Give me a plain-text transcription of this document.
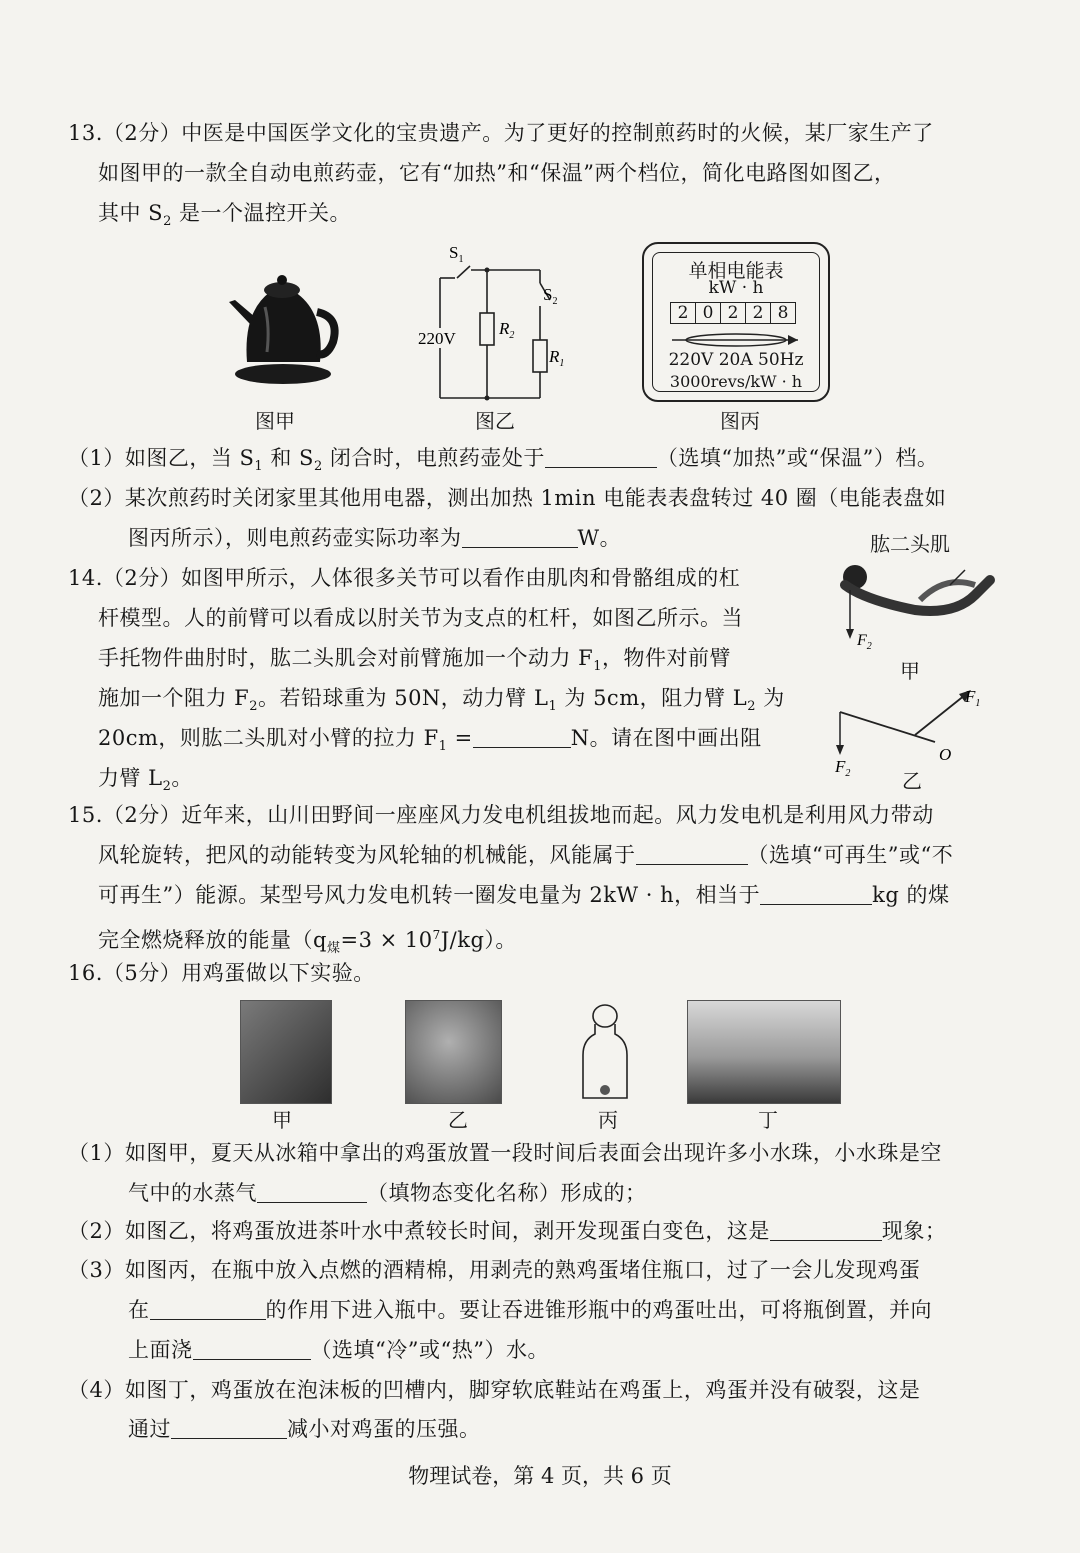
13.（2分）中医是中国医学文化的宝贵遗产。为了更好的控制煎药时的火候，某厂家生产了
如图甲的一款全自动电煎药壶，它有“加热”和“保温”两个档位，简化电路图如图乙，
其中 $S_2$ 是一个温控开关。
图甲
$S_1$
$S_2$
$R_2$
$R_1$
220V
图乙
单相电能表
kW · h
2 0 2 2 8
220V 20A 50Hz
3000revs/kW · h
图丙
（1）如图乙，当 $S_1$ 和 $S_2$ 闭合时，电煎药壶处于	（选填“加热”或“保温”）档。
（2）某次煎药时关闭家里其他用电器，测出加热 1min 电能表表盘转过 40 圈（电能表盘如
图丙所示），则电煎药壶实际功率为	W。
14.（2分）如图甲所示，人体很多关节可以看作由肌肉和骨骼组成的杠
杆模型。人的前臂可以看成以肘关节为支点的杠杆，如图乙所示。当
手托物件曲肘时，肱二头肌会对前臂施加一个动力 $F_1$，物件对前臂
施加一个阻力 $F_2$。若铅球重为 50N，动力臂 $L_1$ 为 5cm，阻力臂 $L_2$ 为
20cm，则肱二头肌对小臂的拉力 $F_1$ =	N。请在图中画出阻
力臂 $L_2$。
肱二头肌
$F_2$
甲
$F_1$
O
$F_2$	乙
15.（2分）近年来，山川田野间一座座风力发电机组拔地而起。风力发电机是利用风力带动
风轮旋转，把风的动能转变为风轮轴的机械能，风能属于	（选填“可再生”或“不
可再生”）能源。某型号风力发电机转一圈发电量为 2kW · h，相当于	kg 的煤
完全燃烧释放的能量$(q_煤=3 \times 10^7J/kg)$。
16.（5分）用鸡蛋做以下实验。
甲	乙	丙	丁
（1）如图甲，夏天从冰箱中拿出的鸡蛋放置一段时间后表面会出现许多小水珠，小水珠是空
气中的水蒸气	（填物态变化名称）形成的；
（2）如图乙，将鸡蛋放进茶叶水中煮较长时间，剥开发现蛋白变色，这是	现象；
（3）如图丙，在瓶中放入点燃的酒精棉，用剥壳的熟鸡蛋堵住瓶口，过了一会儿发现鸡蛋
在	的作用下进入瓶中。要让吞进锥形瓶中的鸡蛋吐出，可将瓶倒置，并向
上面浇	（选填“冷”或“热”）水。
（4）如图丁，鸡蛋放在泡沫板的凹槽内，脚穿软底鞋站在鸡蛋上，鸡蛋并没有破裂，这是
通过	减小对鸡蛋的压强。
物理试卷，第 4 页，共 6 页
